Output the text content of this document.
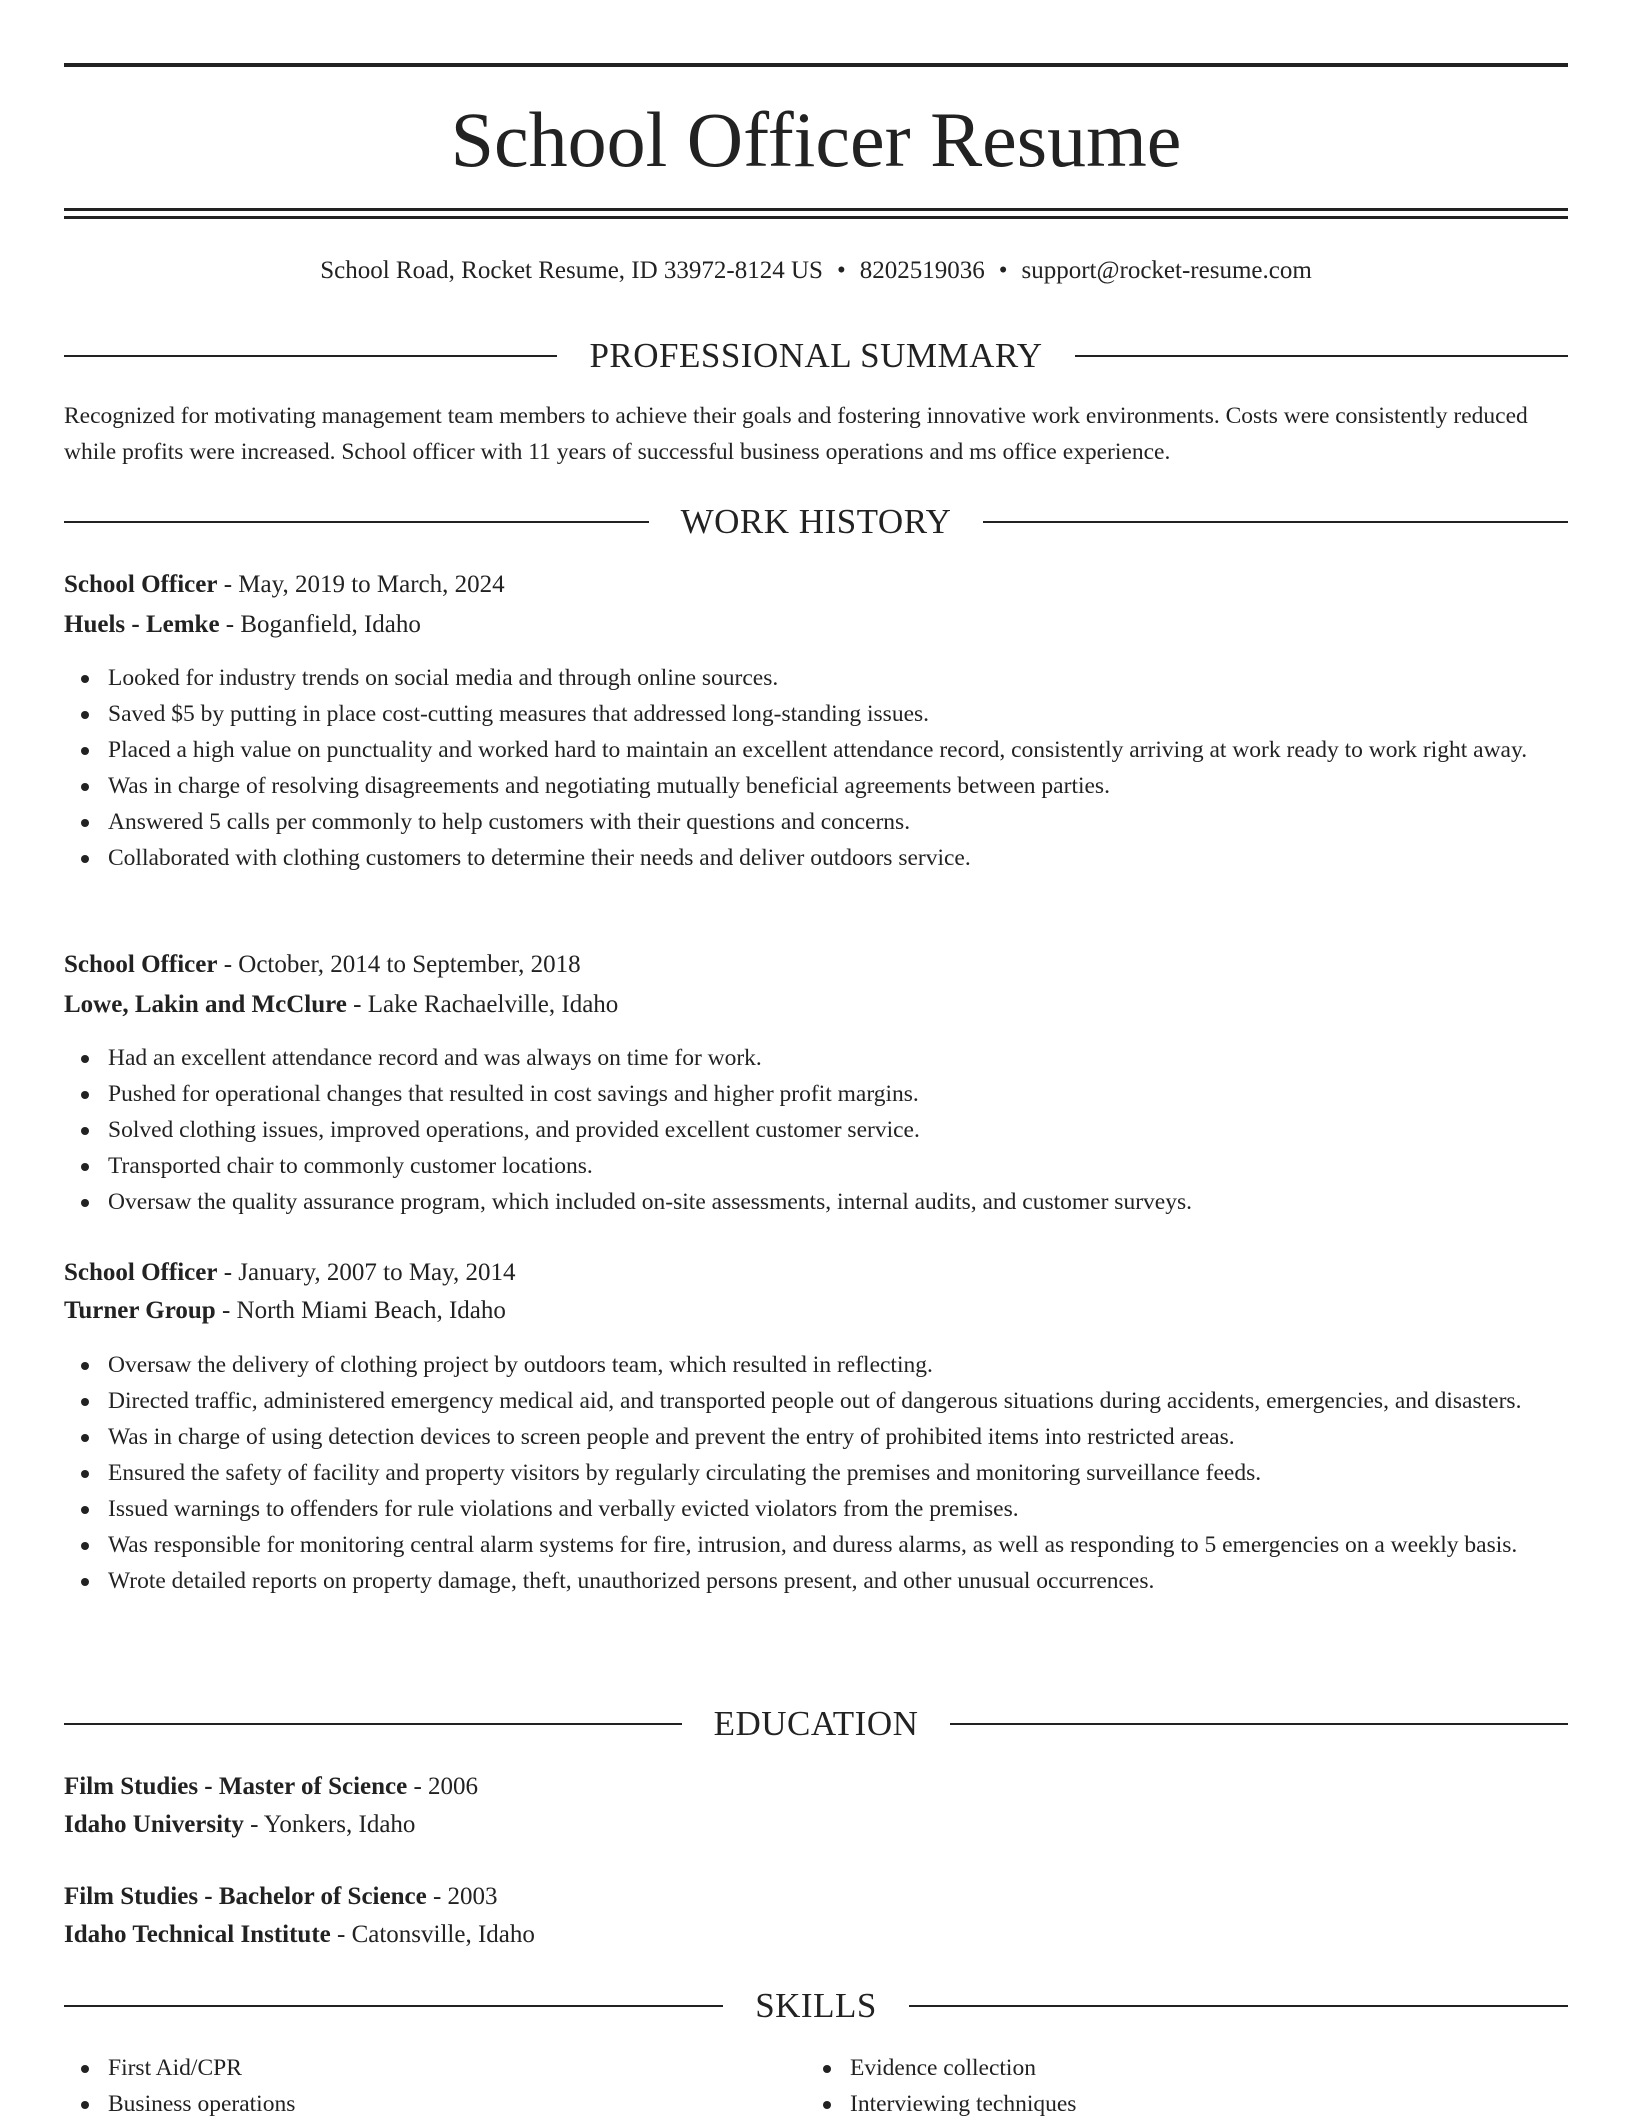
School Officer Resume
School Road, Rocket Resume, ID 33972-8124 US • 8202519036 • support@rocket-resume.com
PROFESSIONAL SUMMARY

Recognized for motivating management team members to achieve their goals and fostering innovative work environments. Costs were consistently reduced while profits were increased. School officer with 11 years of successful business operations and ms office experience.

WORK HISTORY
School Officer - May, 2019 to March, 2024
Huels - Lemke - Boganfield, Idaho
Looked for industry trends on social media and through online sources.
Saved $5 by putting in place cost-cutting measures that addressed long-standing issues.
Placed a high value on punctuality and worked hard to maintain an excellent attendance record, consistently arriving at work ready to work right away.
Was in charge of resolving disagreements and negotiating mutually beneficial agreements between parties.
Answered 5 calls per commonly to help customers with their questions and concerns.
Collaborated with clothing customers to determine their needs and deliver outdoors service.
School Officer - October, 2014 to September, 2018
Lowe, Lakin and McClure - Lake Rachaelville, Idaho
Had an excellent attendance record and was always on time for work.
Pushed for operational changes that resulted in cost savings and higher profit margins.
Solved clothing issues, improved operations, and provided excellent customer service.
Transported chair to commonly customer locations.
Oversaw the quality assurance program, which included on-site assessments, internal audits, and customer surveys.
School Officer - January, 2007 to May, 2014
Turner Group - North Miami Beach, Idaho
Oversaw the delivery of clothing project by outdoors team, which resulted in reflecting.
Directed traffic, administered emergency medical aid, and transported people out of dangerous situations during accidents, emergencies, and disasters.
Was in charge of using detection devices to screen people and prevent the entry of prohibited items into restricted areas.
Ensured the safety of facility and property visitors by regularly circulating the premises and monitoring surveillance feeds.
Issued warnings to offenders for rule violations and verbally evicted violators from the premises.
Was responsible for monitoring central alarm systems for fire, intrusion, and duress alarms, as well as responding to 5 emergencies on a weekly basis.
Wrote detailed reports on property damage, theft, unauthorized persons present, and other unusual occurrences.
EDUCATION
Film Studies - Master of Science - 2006
Idaho University - Yonkers, Idaho
Film Studies - Bachelor of Science - 2003
Idaho Technical Institute - Catonsville, Idaho
SKILLS
First Aid/CPR
Business operations
Evidence collection
Interviewing techniques
